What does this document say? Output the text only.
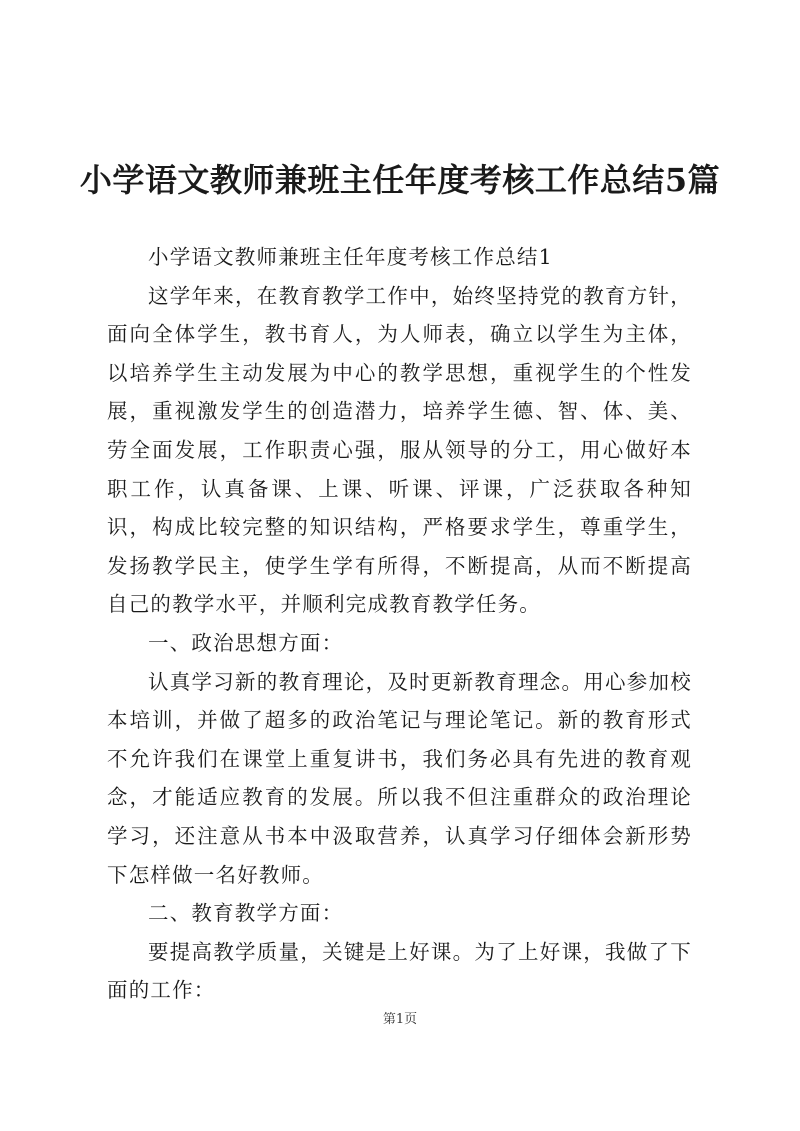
小学语文教师兼班主任年度考核工作总结5篇

小学语文教师兼班主任年度考核工作总结1

这学年来，在教育教学工作中，始终坚持党的教育方针，面向全体学生，教书育人，为人师表，确立以学生为主体，以培养学生主动发展为中心的教学思想，重视学生的个性发展，重视激发学生的创造潜力，培养学生德、智、体、美、劳全面发展，工作职责心强，服从领导的分工，用心做好本职工作，认真备课、上课、听课、评课，广泛获取各种知识，构成比较完整的知识结构，严格要求学生，尊重学生，发扬教学民主，使学生学有所得，不断提高，从而不断提高自己的教学水平，并顺利完成教育教学任务。

一、政治思想方面：

认真学习新的教育理论，及时更新教育理念。用心参加校本培训，并做了超多的政治笔记与理论笔记。新的教育形式不允许我们在课堂上重复讲书，我们务必具有先进的教育观念，才能适应教育的发展。所以我不但注重群众的政治理论学习，还注意从书本中汲取营养，认真学习仔细体会新形势下怎样做一名好教师。

二、教育教学方面：

要提高教学质量，关键是上好课。为了上好课，我做了下面的工作：

第1页
